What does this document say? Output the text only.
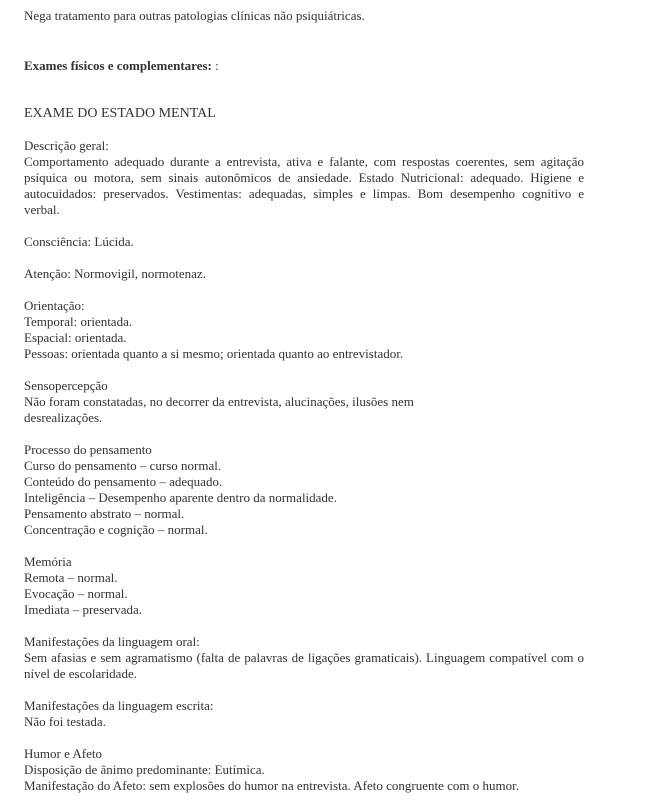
Nega tratamento para outras patologias clínicas não psiquiátricas.
Exames físicos e complementares: :
EXAME DO ESTADO MENTAL
Descrição geral:
Comportamento adequado durante a entrevista, ativa e falante, com respostas coerentes, sem agitação psíquica ou motora, sem sinais autonômicos de ansiedade. Estado Nutricional: adequado. Higiene e autocuidados: preservados. Vestimentas: adequadas, simples e limpas. Bom desempenho cognitivo e verbal.
Consciência: Lúcida.
Atenção: Normovigil, normotenaz.
Orientação:
Temporal: orientada.
Espacial: orientada.
Pessoas: orientada quanto a si mesmo; orientada quanto ao entrevistador.
Sensopercepção
Não foram constatadas, no decorrer da entrevista, alucinações, ilusões nem
desrealizações.
Processo do pensamento
Curso do pensamento – curso normal.
Conteúdo do pensamento – adequado.
Inteligência – Desempenho aparente dentro da normalidade.
Pensamento abstrato – normal.
Concentração e cognição – normal.
Memória
Remota – normal.
Evocação – normal.
Imediata – preservada.
Manifestações da linguagem oral:
Sem afasias e sem agramatismo (falta de palavras de ligações gramaticais). Linguagem compatível com o nível de escolaridade.
Manifestações da linguagem escrita:
Não foi testada.
Humor e Afeto
Disposição de ânimo predominante: Eutímica.
Manifestação do Afeto: sem explosões do humor na entrevista. Afeto congruente com o humor.
